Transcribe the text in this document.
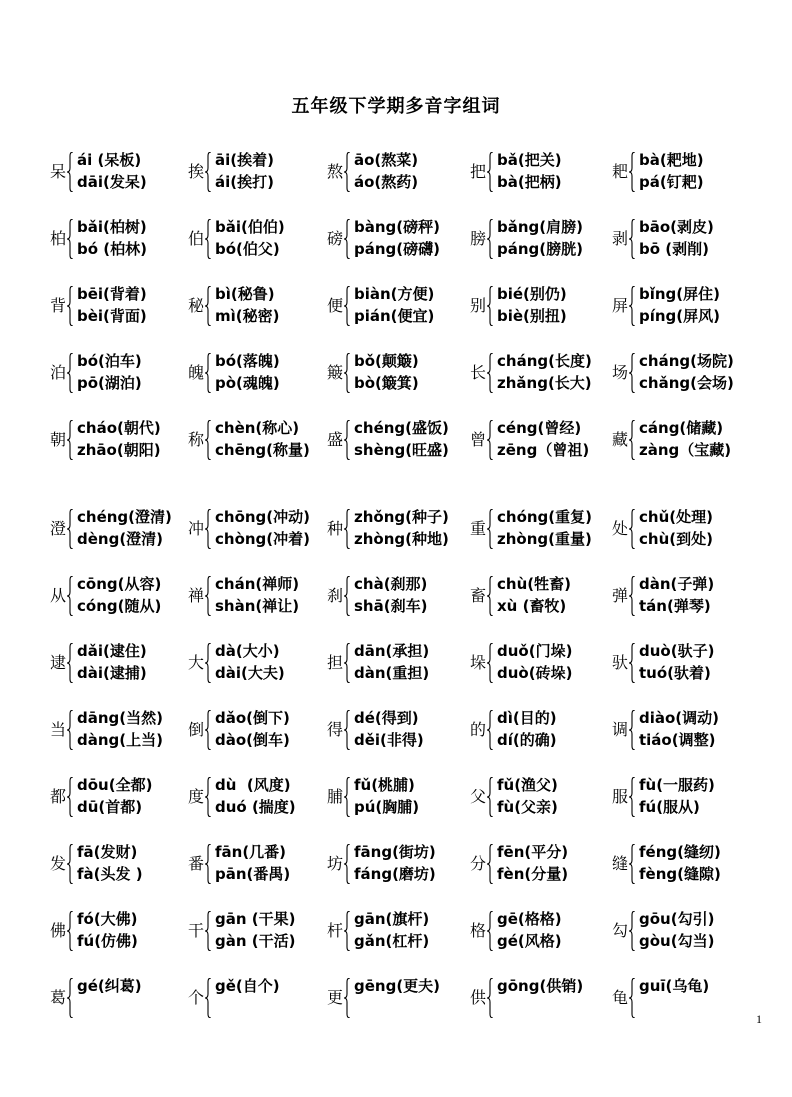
五年级下学期多音字组词
呆
ái (呆板)
dāi(发呆)
挨
āi(挨着)
ái(挨打)
熬
āo(熬菜)
áo(熬药)
把
bǎ(把关)
bà(把柄)
耙
bà(耙地)
pá(钉耙)
柏
bǎi(柏树)
bó (柏林)
伯
bǎi(伯伯)
bó(伯父)
磅
bàng(磅秤)
páng(磅礴)
膀
bǎng(肩膀)
páng(膀胱)
剥
bāo(剥皮)
bō (剥削)
背
bēi(背着)
bèi(背面)
秘
bì(秘鲁)
mì(秘密)
便
biàn(方便)
pián(便宜)
别
bié(别仍)
biè(别扭)
屏
bǐng(屏住)
píng(屏风)
泊
bó(泊车)
pō(湖泊)
魄
bó(落魄)
pò(魂魄)
簸
bǒ(颠簸)
bò(簸箕)
长
cháng(长度)
zhǎng(长大)
场
cháng(场院)
chǎng(会场)
朝
cháo(朝代)
zhāo(朝阳)
称
chèn(称心)
chēng(称量)
盛
chéng(盛饭)
shèng(旺盛)
曾
céng(曾经)
zēng（曾祖)
藏
cáng(储藏)
zàng（宝藏)
澄
chéng(澄清)
dèng(澄清)
冲
chōng(冲动)
chòng(冲着)
种
zhǒng(种子)
zhòng(种地)
重
chóng(重复)
zhòng(重量)
处
chǔ(处理)
chù(到处)
从
cōng(从容)
cóng(随从)
禅
chán(禅师)
shàn(禅让)
刹
chà(刹那)
shā(刹车)
畜
chù(牲畜)
xù (畜牧)
弹
dàn(子弹)
tán(弹琴)
逮
dǎi(逮住)
dài(逮捕)
大
dà(大小)
dài(大夫)
担
dān(承担)
dàn(重担)
垛
duǒ(门垛)
duò(砖垛)
驮
duò(驮子)
tuó(驮着)
当
dāng(当然)
dàng(上当)
倒
dǎo(倒下)
dào(倒车)
得
dé(得到)
děi(非得)
的
dì(目的)
dí(的确)
调
diào(调动)
tiáo(调整)
都
dōu(全都)
dū(首都)
度
dù  (风度)
duó (揣度)
脯
fǔ(桃脯)
pú(胸脯)
父
fǔ(渔父)
fù(父亲)
服
fù(一服药)
fú(服从)
发
fā(发财)
fà(头发 )
番
fān(几番)
pān(番禺)
坊
fāng(街坊)
fáng(磨坊)
分
fēn(平分)
fèn(分量)
缝
féng(缝纫)
fèng(缝隙)
佛
fó(大佛)
fú(仿佛)
干
gān (干果)
gàn (干活)
杆
gān(旗杆)
gǎn(杠杆)
格
gē(格格)
gé(风格)
勾
gōu(勾引)
gòu(勾当)
葛
gé(纠葛)
个
gě(自个)
更
gēng(更夫)
供
gōng(供销)
龟
guī(乌龟)
1
